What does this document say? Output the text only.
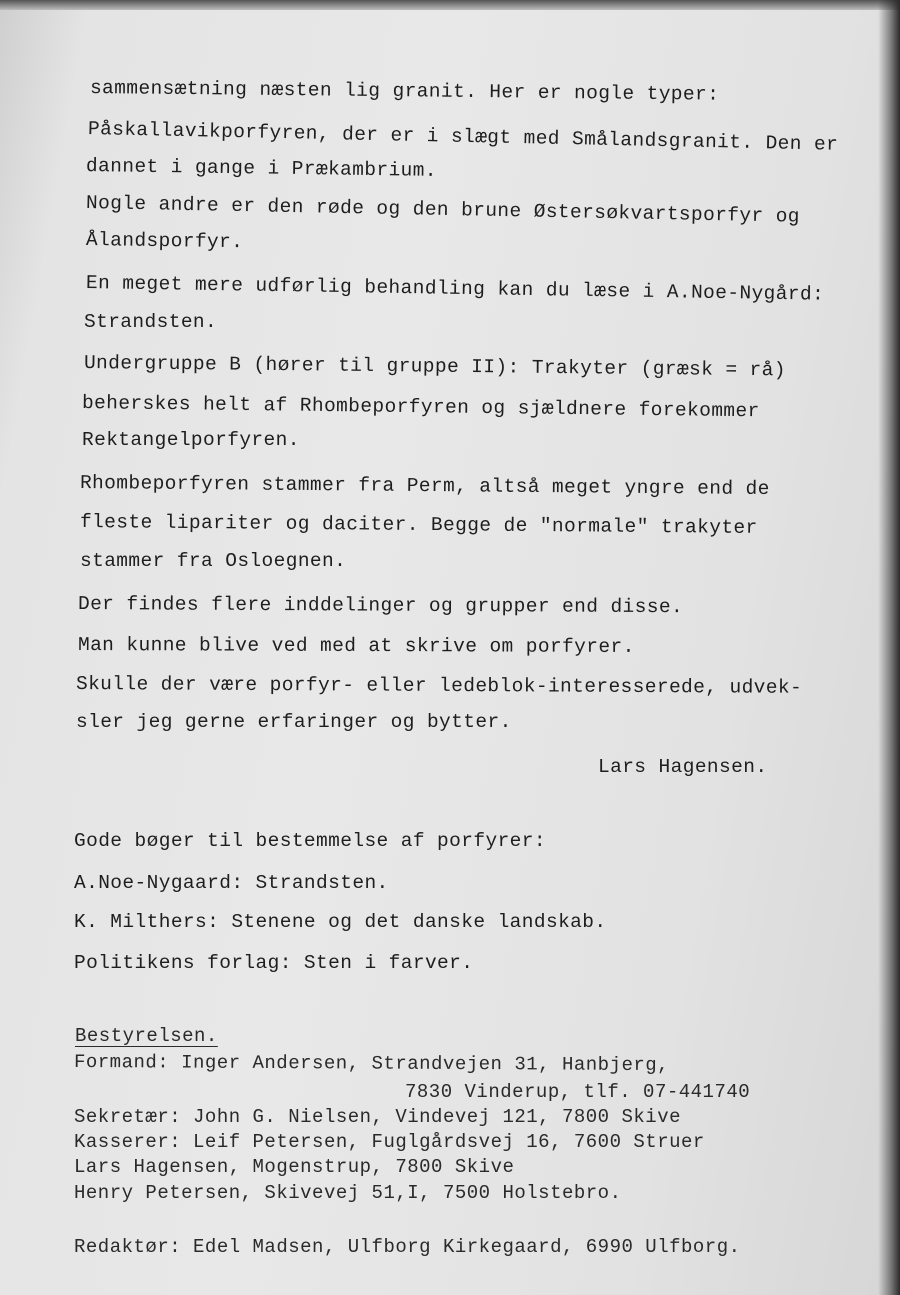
sammensætning næsten lig granit. Her er nogle typer:
Påskallavikporfyren, der er i slægt med Smålandsgranit. Den er
dannet i gange i Prækambrium.
Nogle andre er den røde og den brune Østersøkvartsporfyr og
Ålandsporfyr.
En meget mere udførlig behandling kan du læse i A.Noe-Nygård:
Strandsten.
Undergruppe B (hører til gruppe II): Trakyter (græsk = rå)
beherskes helt af Rhombeporfyren og sjældnere forekommer
Rektangelporfyren.
Rhombeporfyren stammer fra Perm, altså meget yngre end de
fleste lipariter og daciter. Begge de "normale" trakyter
stammer fra Osloegnen.
Der findes flere inddelinger og grupper end disse.
Man kunne blive ved med at skrive om porfyrer.
Skulle der være porfyr- eller ledeblok-interesserede, udvek-
sler jeg gerne erfaringer og bytter.
Lars Hagensen.
Gode bøger til bestemmelse af porfyrer:
A.Noe-Nygaard: Strandsten.
K. Milthers: Stenene og det danske landskab.
Politikens forlag: Sten i farver.
Bestyrelsen.
Formand: Inger Andersen, Strandvejen 31, Hanbjerg,
7830 Vinderup, tlf. 07-441740
Sekretær: John G. Nielsen, Vindevej 121, 7800 Skive
Kasserer: Leif Petersen, Fuglgårdsvej 16, 7600 Struer
Lars Hagensen, Mogenstrup, 7800 Skive
Henry Petersen, Skivevej 51,I, 7500 Holstebro.
Redaktør: Edel Madsen, Ulfborg Kirkegaard, 6990 Ulfborg.
